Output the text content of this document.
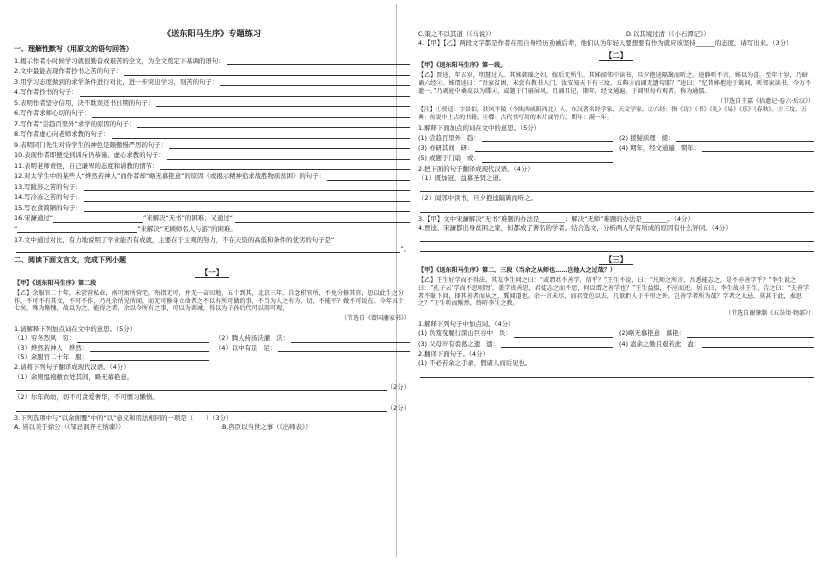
《送东阳马生序》专题练习
一、理解性默写（用原文的语句回答）
1.揭示作者小时候学习就很勤奋或艰苦的全文，为全文奠定下基调的语句：
2.文中最能表现作者抄书之苦的句子：
3.用学习态度做到的求学条件进行对比，进一步突出学习，刻苦的句子：
4.写作者抄书的句子：
5.表明作者坚守信用，决不耽误还书日期的句子：
6.写作者求师心切的句子：
7.写作者“尝趋百里外”求学的原因的句子：
8.写作者虚心向老师求教的句子：
9.表明同门先生对待学生的神色是颇傲慢严厉的句子：
10.表现作者即便受到训斥仍恭谨、虚心求教的句子：
11.表明老师责怪，自己谦卑的态度和请教的情节：
12.对太学生中的某些人“烨然若神人”而作者却“略无慕艳意”的原因（或揭示精神追求战胜物质贫困）的句子：
13.写跋涉之苦的句子：
14.写冷冻之苦的句子：
15.写衣食简陋的句子：
16.宋濂通过“	”来解决“无书”的困难；又通过“
“	”来解决“无顾师名人与游”的困难。
17.文中通过对比，有力地说明了学业能否有成就，主要在于主观的努力，不在天资的高低和条件的优劣的句子是“
”。
二、阅读下面文言文，完成下列小题
【一】
【甲】《送东阳马生序》第二段
【乙】余服官二十年，未尝营私业，南可寓所营宅，殆指无可，并无一亩田地，五十到其，北京三年，自念积官所，不免分修其官，思以此生之分作，不可不有其文，不可不作，乃凡余所见所闻，而无可修身立命者之不以有所可做的事，不当为人之有为，切，不能平？做不可说在。今年五十七矣，殊为惭愧，故以为之，能得之者，余以今所有之事，可以为训诫，得以为子孙后代可以用可观。
（节选自《曾国藩家书》）
1.请解释下列加点词在文中的意思。（5分）
（1）穷冬烈风 穷：	（2）腾人持汤沃灌 沃：
（3）烨然若神人 烨然：	（4）以中有足 足：
（5）余服官二十年 服：
2.请将下列句子翻译成现代汉语。（4分）
（1）余则缊袍敝衣处其间，略无慕艳意。
（2分）
（2）尔年尚幼，切不可贪爱奢华，不可惯习懒惰。
（2分）
3.下列选项中与“以余拥覆”中的“以”意义和用法相同的一项是（　　）（3分）
A. 皆以美于徐公（《邹忌讽齐王纳谏》）	B.咨臣以当世之事（《出师表》）
C.策之不以其道（《马说》）	D.以其境过清（《小石潭记》）
4.【甲】【乙】两段文字都是作者在用自身经历劝诫后辈，他们认为年轻人要想要有作为就应该坚持______的态度，请写出来。（3分）
【二】
【甲】《送东阳马生序》第一段。
【乙】贾逵，年五岁，明慧过人。其姊韩瑶之妇，嫁后无所生。其姊闻邻中读书，旦夕抱逵隔篱而听之。逵静听不言，姊以为喜。至年十岁，乃暗诵六经②。姊谓逵曰：“吾家贫困，未尝有教书人门，汝安知天下有三坟、五典③而诵无遗句耶？”逵曰：“忆昔姊抱逵于篱间，听邻家读书，今万不遗一。”乃剥庭中桑皮以为牒④，或题于门扇屏风，且诵且记，期年，经文通遍。于闾里每有观者，称为通儒。
（节选自王嘉《拾遗记·卷六·后汉》）
【注】①贾逵：字景伯，扶风平陵（今陕西咸阳西北）人，东汉著名经学家、天文学家。②六经：指《诗》《书》《礼》《易》《乐》《春秋》。③三坟、五典：传说中上古的书籍。④牒：古代书写用的木片或竹片。期年：满一年。
1.解释下面加点的词在文中的意思。（5分）
(1) 尝趋百里外 趋：	(2) 援疑质理 援：
(3) 亦研其间 研：	(4) 期年，经文通遍 期年：
(5) 或题于门扇 或：
2.把下面的句子翻译成现代汉语。（4分）
（1）既加冠，益慕圣贤之道。
（2）闻邻中读书，旦夕抱逵隔篱而听之。
3.【甲】文中宋濂解决“无书”难题的办法是________；解决“无师”难题的办法是________。（4分）
4.贾逵、宋濂都出身贫困之家，但都成了著名的学者。结合选文，分析两人学有所成的原因有什么异同。（4分）
【三】
【甲】《送东阳马生序》第二、三段（当余之从师也……岂他人之过哉？）
【乙】王生好学而不得法。其友李生问之曰：“或谓君不善学，信乎？”王生不说，曰：“凡师之所言，吾悉能志之，是不亦善学乎？”李生说之曰：“孔子云‘学而不思则罔’，盖学贵善思，君徒志之而不思，何以谓之善学也？”王生益愠，不应而还。居五日，李生故寻王生，告之曰：“夫善学者不耻下问，择其善者而从之，冀闻道也。余一言未尽，而君变色以去，几欲拒人于千里之外，岂善学者所为哉？学者之大忌，莫甚于此，盍思之？”王生听而惭然，终听李生之教。
（节选自谢肇淛《五杂俎·物部》）
1.解释下列句子中加点词。（4分）
(1) 负笈曳屣行深山巨谷中 负：	(2)略无慕艳意 慕艳：
(3) 父母岁有裘葛之遗 遗：	(4) 盍余之勤且艰若此 盍：
2.翻译下面句子。（4分）
(1) 不必若余之手录，假诸人而后见也。
